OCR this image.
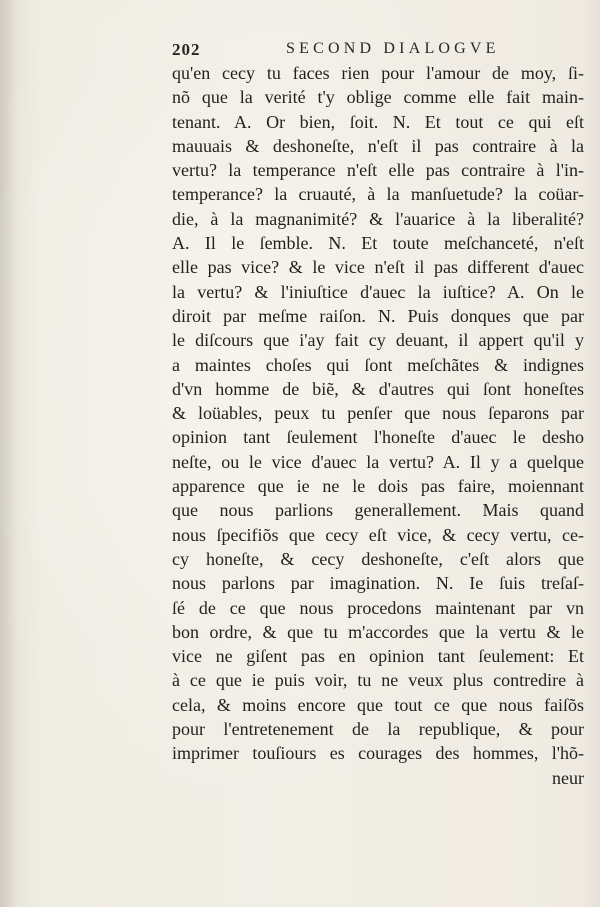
202	SECOND DIALOGVE
qu'en cecy tu faces rien pour l'amour de moy, ſi-
nõ que la verité t'y oblige comme elle fait main-
tenant. A. Or bien, ſoit. N. Et tout ce qui eſt
mauuais & deshoneſte, n'eſt il pas contraire à la
vertu? la temperance n'eſt elle pas contraire à l'in-
temperance? la cruauté, à la manſuetude? la coüar-
die, à la magnanimité? & l'auarice à la liberalité?
A. Il le ſemble. N. Et toute meſchanceté, n'eſt
elle pas vice? & le vice n'eſt il pas different d'auec
la vertu? & l'iniuſtice d'auec la iuſtice? A. On le
diroit par meſme raiſon. N. Puis donques que par
le diſcours que i'ay fait cy deuant, il appert qu'il y
a maintes choſes qui ſont meſchãtes & indignes
d'vn homme de biẽ, & d'autres qui ſont honeſtes
& loüables, peux tu penſer que nous ſeparons par
opinion tant ſeulement l'honeſte d'auec le desho
neſte, ou le vice d'auec la vertu? A. Il y a quelque
apparence que ie ne le dois pas faire, moiennant
que nous parlions generallement. Mais quand
nous ſpecifiõs que cecy eſt vice, & cecy vertu, ce-
cy honeſte, & cecy deshoneſte, c'eſt alors que
nous parlons par imagination. N. Ie ſuis treſaſ-
ſé de ce que nous procedons maintenant par vn
bon ordre, & que tu m'accordes que la vertu & le
vice ne giſent pas en opinion tant ſeulement: Et
à ce que ie puis voir, tu ne veux plus contredire à
cela, & moins encore que tout ce que nous faiſõs
pour l'entretenement de la republique, & pour
imprimer touſiours es courages des hommes, l'hõ-
neur
